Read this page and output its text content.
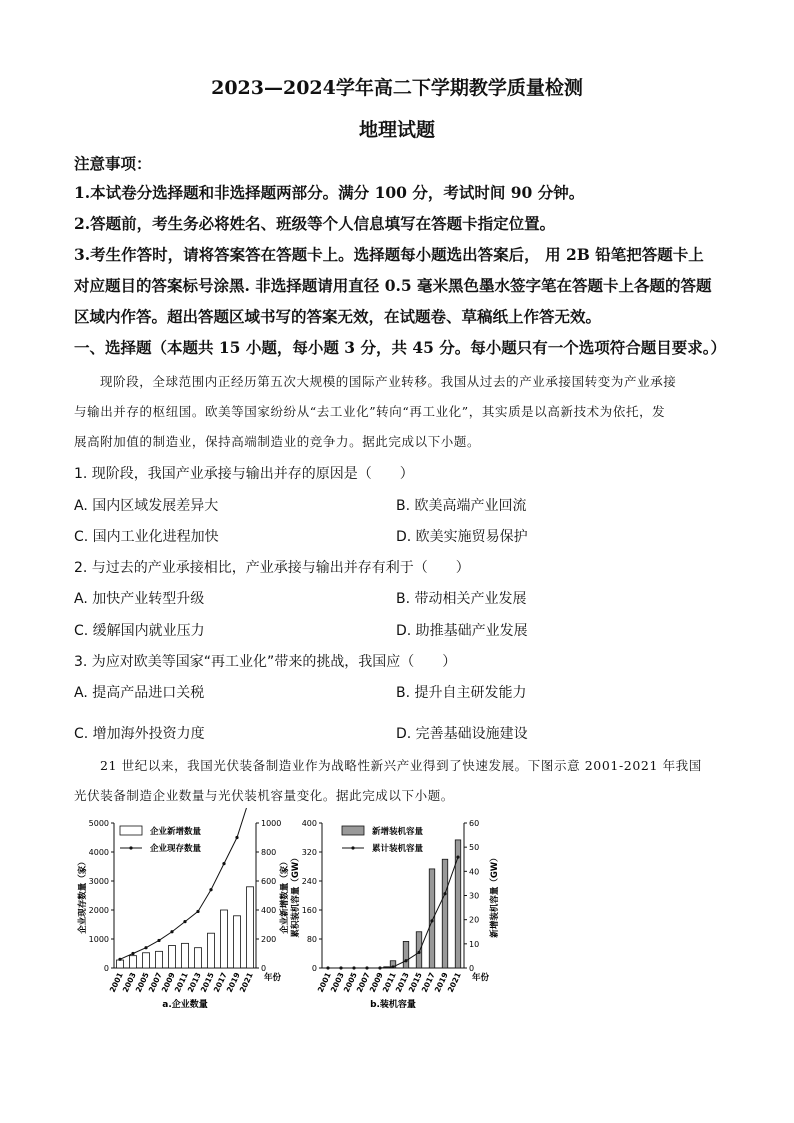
2023—2024学年高二下学期教学质量检测
地理试题
注意事项：
1.本试卷分选择题和非选择题两部分。满分 100 分，考试时间 90 分钟。
2.答题前，考生务必将姓名、班级等个人信息填写在答题卡指定位置。
3.考生作答时，请将答案答在答题卡上。选择题每小题选出答案后， 用 2B 铅笔把答题卡上
对应题目的答案标号涂黑. 非选择题请用直径 0.5 毫米黑色墨水签字笔在答题卡上各题的答题
区域内作答。超出答题区域书写的答案无效，在试题卷、草稿纸上作答无效。
一、选择题（本题共 15 小题，每小题 3 分，共 45 分。每小题只有一个选项符合题目要求。）
现阶段，全球范围内正经历第五次大规模的国际产业转移。我国从过去的产业承接国转变为产业承接
与输出并存的枢纽国。欧美等国家纷纷从“去工业化”转向“再工业化”，其实质是以高新技术为依托，发
展高附加值的制造业，保持高端制造业的竞争力。据此完成以下小题。
1. 现阶段，我国产业承接与输出并存的原因是（　　）
A. 国内区域发展差异大	B. 欧美高端产业回流
C. 国内工业化进程加快	D. 欧美实施贸易保护
2. 与过去的产业承接相比，产业承接与输出并存有利于（　　）
A. 加快产业转型升级	B. 带动相关产业发展
C. 缓解国内就业压力	D. 助推基础产业发展
3. 为应对欧美等国家“再工业化”带来的挑战，我国应（　　）
A. 提高产品进口关税	B. 提升自主研发能力
C. 增加海外投资力度	D. 完善基础设施建设
21 世纪以来，我国光伏装备制造业作为战略性新兴产业得到了快速发展。下图示意 2001-2021 年我国
光伏装备制造企业数量与光伏装机容量变化。据此完成以下小题。
0
1000
2000
3000
4000
5000
0
200
400
600
800
1000
2001
2003
2005
2007
2009
2011
2013
2015
2017
2019
2021 年份
企业现存数量（家）	企业新增数量（家）
企业新增数量
企业现存数量
a.企业数量
0
80
160
240
320
400
0
10
20
30
40
50
60
2001
2003
2005
2007
2009
2011
2013
2015
2017
2019
2021 年份
累积装机容量（GW）	新增装机容量（GW）
新增装机容量
累计装机容量
b.装机容量
